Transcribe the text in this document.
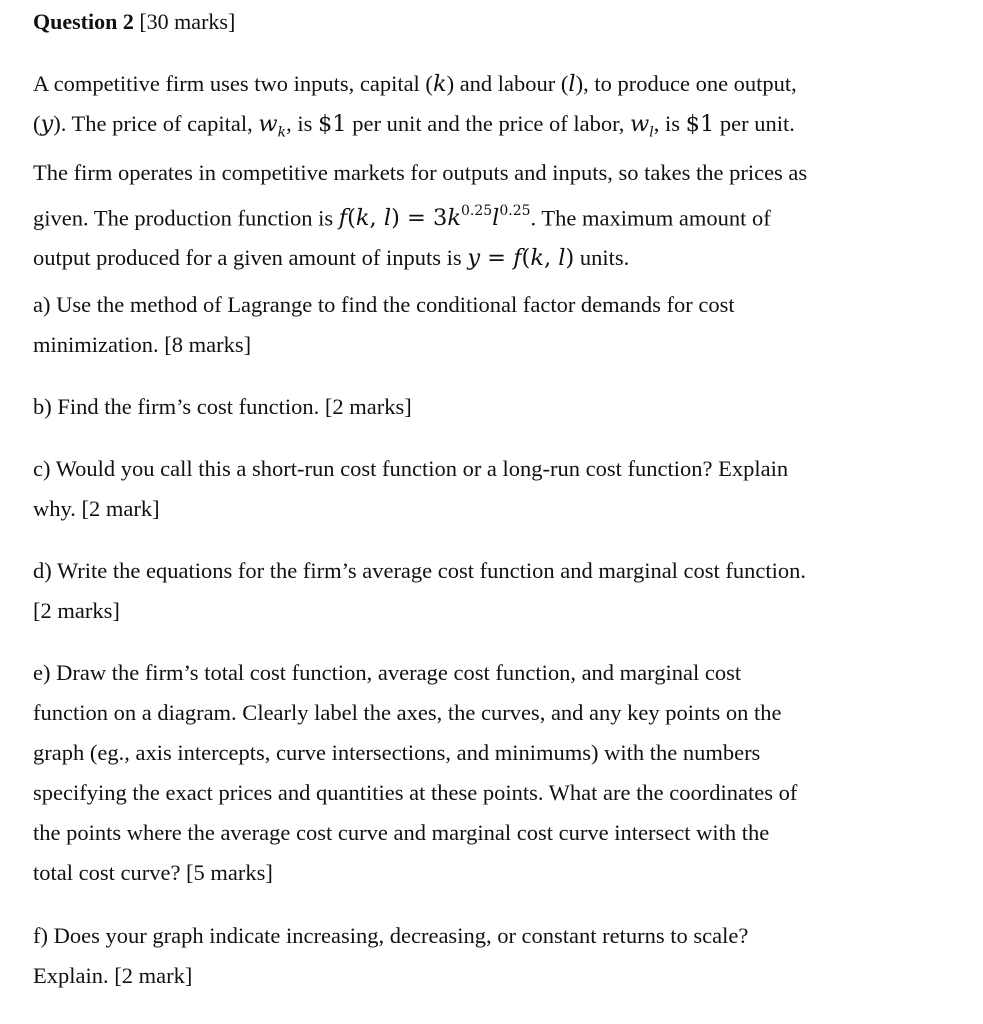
Question 2 [30 marks]
A competitive firm uses two inputs, capital (k) and labour (l), to produce one output,
(y). The price of capital, $w_k$, is $1 per unit and the price of labor, $w_l$, is $1 per unit.
The firm operates in competitive markets for outputs and inputs, so takes the prices as
given. The production function is f(k, $l) = 3k^{0.25}l^{0.25}$. The maximum amount of
output produced for a given amount of inputs is y = f(k, l) units.
a) Use the method of Lagrange to find the conditional factor demands for cost
minimization. [8 marks]
b) Find the firm’s cost function. [2 marks]
c) Would you call this a short-run cost function or a long-run cost function? Explain
why. [2 mark]
d) Write the equations for the firm’s average cost function and marginal cost function.
[2 marks]
e) Draw the firm’s total cost function, average cost function, and marginal cost
function on a diagram. Clearly label the axes, the curves, and any key points on the
graph (eg., axis intercepts, curve intersections, and minimums) with the numbers
specifying the exact prices and quantities at these points. What are the coordinates of
the points where the average cost curve and marginal cost curve intersect with the
total cost curve? [5 marks]
f) Does your graph indicate increasing, decreasing, or constant returns to scale?
Explain. [2 mark]
